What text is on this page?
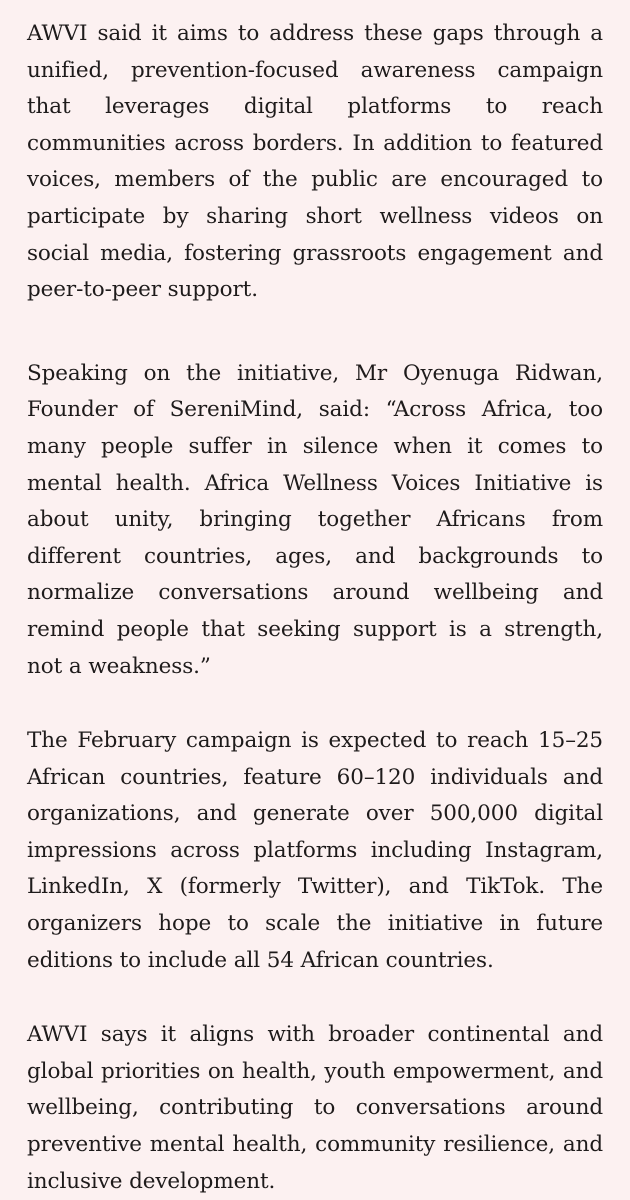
AWVI said it aims to address these gaps through a unified, prevention-focused awareness campaign that leverages digital platforms to reach communities across borders. In addition to featured voices, members of the public are encouraged to participate by sharing short wellness videos on social media, fostering grassroots engagement and peer-to-peer support.

Speaking on the initiative, Mr Oyenuga Ridwan, Founder of SereniMind, said: “Across Africa, too many people suffer in silence when it comes to mental health. Africa Wellness Voices Initiative is about unity, bringing together Africans from different countries, ages, and backgrounds to normalize conversations around wellbeing and remind people that seeking support is a strength, not a weakness.”

The February campaign is expected to reach 15–25 African countries, feature 60–120 individuals and organizations, and generate over 500,000 digital impressions across platforms including Instagram, LinkedIn, X (formerly Twitter), and TikTok. The organizers hope to scale the initiative in future editions to include all 54 African countries.

AWVI says it aligns with broader continental and global priorities on health, youth empowerment, and wellbeing, contributing to conversations around preventive mental health, community resilience, and inclusive development.
